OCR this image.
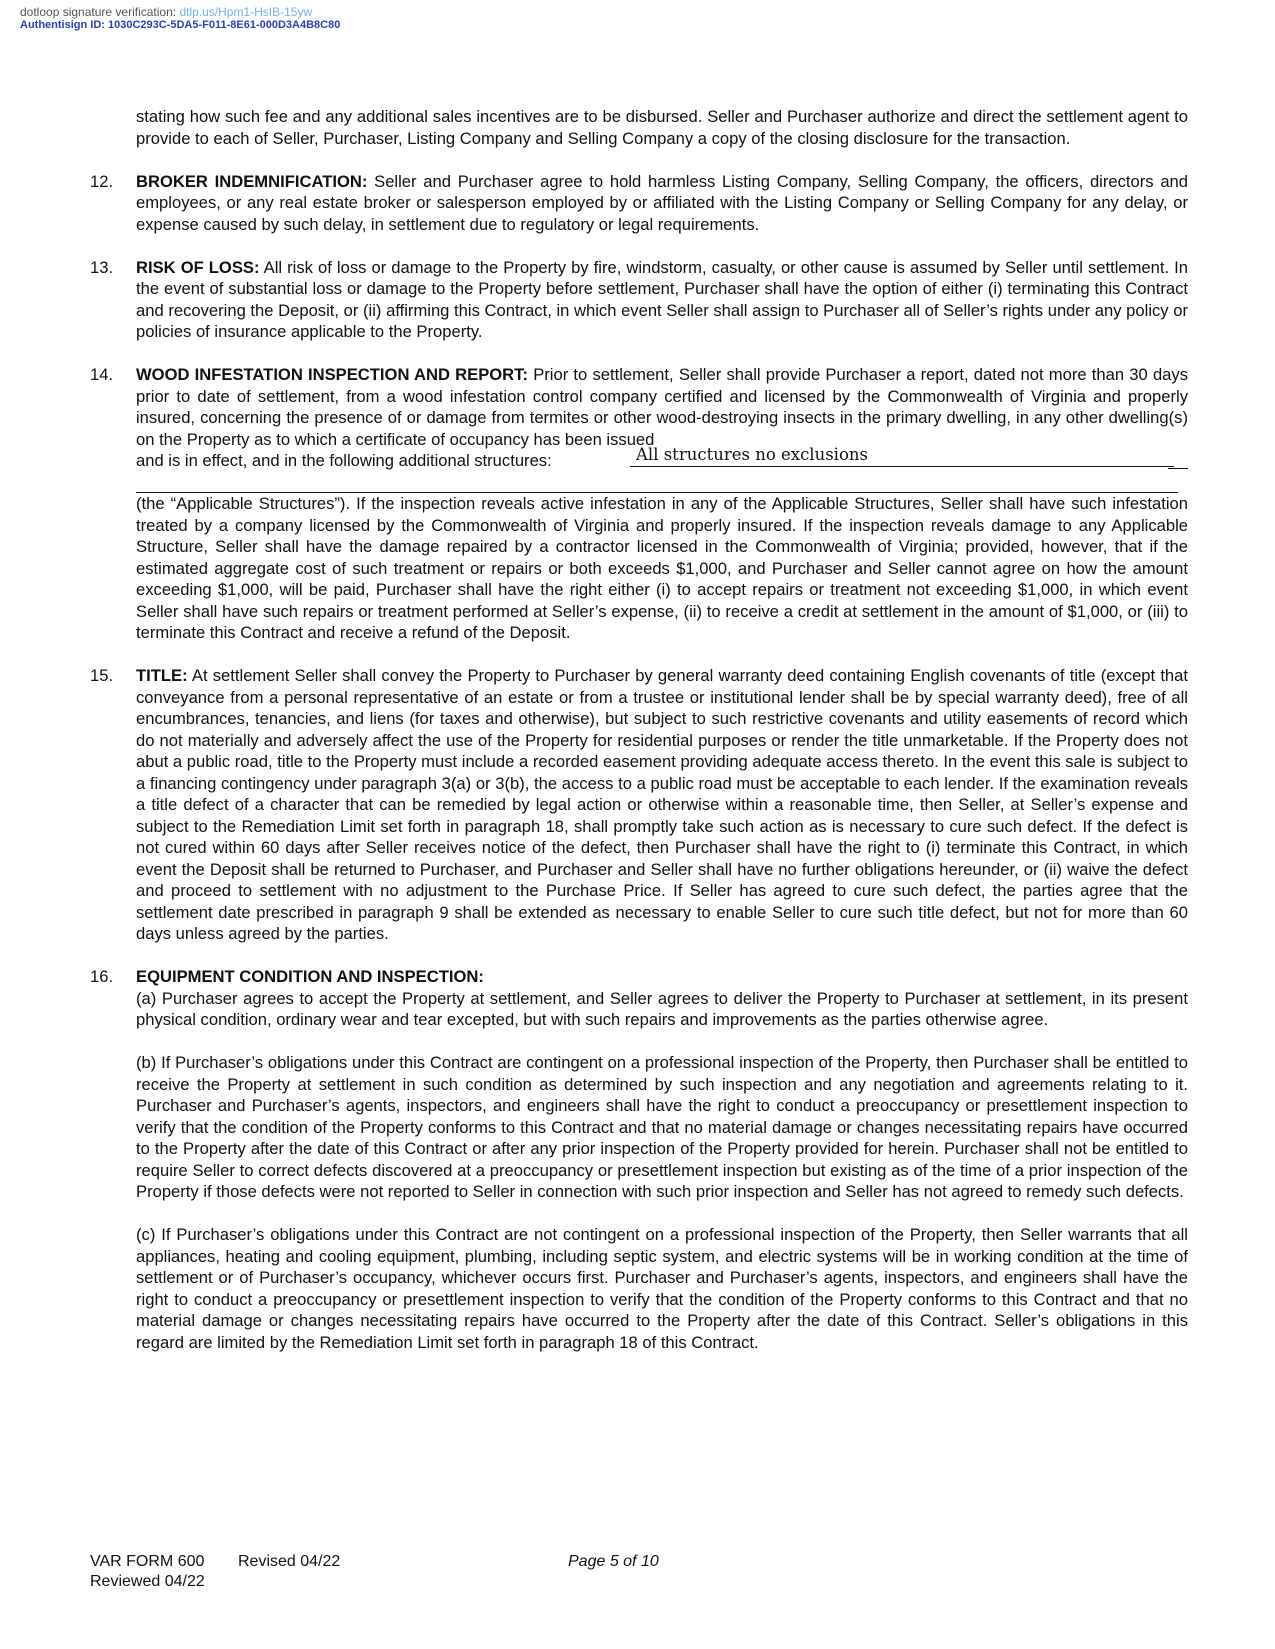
dotloop signature verification: dtlp.us/Hpm1-HsIB-15yw
Authentisign ID: 1030C293C-5DA5-F011-8E61-000D3A4B8C80
stating how such fee and any additional sales incentives are to be disbursed. Seller and Purchaser authorize and direct the settlement agent to provide to each of Seller, Purchaser, Listing Company and Selling Company a copy of the closing disclosure for the transaction.
12. BROKER INDEMNIFICATION: Seller and Purchaser agree to hold harmless Listing Company, Selling Company, the officers, directors and employees, or any real estate broker or salesperson employed by or affiliated with the Listing Company or Selling Company for any delay, or expense caused by such delay, in settlement due to regulatory or legal requirements.
13. RISK OF LOSS: All risk of loss or damage to the Property by fire, windstorm, casualty, or other cause is assumed by Seller until settlement. In the event of substantial loss or damage to the Property before settlement, Purchaser shall have the option of either (i) terminating this Contract and recovering the Deposit, or (ii) affirming this Contract, in which event Seller shall assign to Purchaser all of Seller’s rights under any policy or policies of insurance applicable to the Property.
14. WOOD INFESTATION INSPECTION AND REPORT: Prior to settlement, Seller shall provide Purchaser a report, dated not more than 30 days prior to date of settlement, from a wood infestation control company certified and licensed by the Commonwealth of Virginia and properly insured, concerning the presence of or damage from termites or other wood-destroying insects in the primary dwelling, in any other dwelling(s) on the Property as to which a certificate of occupancy has been issued
and is in effect, and in the following additional structures:	All structures no exclusions
(the “Applicable Structures”). If the inspection reveals active infestation in any of the Applicable Structures, Seller shall have such infestation treated by a company licensed by the Commonwealth of Virginia and properly insured. If the inspection reveals damage to any Applicable Structure, Seller shall have the damage repaired by a contractor licensed in the Commonwealth of Virginia; provided, however, that if the estimated aggregate cost of such treatment or repairs or both exceeds $1,000, and Purchaser and Seller cannot agree on how the amount exceeding $1,000, will be paid, Purchaser shall have the right either (i) to accept repairs or treatment not exceeding $1,000, in which event Seller shall have such repairs or treatment performed at Seller’s expense, (ii) to receive a credit at settlement in the amount of $1,000, or (iii) to terminate this Contract and receive a refund of the Deposit.
15. TITLE: At settlement Seller shall convey the Property to Purchaser by general warranty deed containing English covenants of title (except that conveyance from a personal representative of an estate or from a trustee or institutional lender shall be by special warranty deed), free of all encumbrances, tenancies, and liens (for taxes and otherwise), but subject to such restrictive covenants and utility easements of record which do not materially and adversely affect the use of the Property for residential purposes or render the title unmarketable. If the Property does not abut a public road, title to the Property must include a recorded easement providing adequate access thereto. In the event this sale is subject to a financing contingency under paragraph 3(a) or 3(b), the access to a public road must be acceptable to each lender. If the examination reveals a title defect of a character that can be remedied by legal action or otherwise within a reasonable time, then Seller, at Seller’s expense and subject to the Remediation Limit set forth in paragraph 18, shall promptly take such action as is necessary to cure such defect. If the defect is not cured within 60 days after Seller receives notice of the defect, then Purchaser shall have the right to (i) terminate this Contract, in which event the Deposit shall be returned to Purchaser, and Purchaser and Seller shall have no further obligations hereunder, or (ii) waive the defect and proceed to settlement with no adjustment to the Purchase Price. If Seller has agreed to cure such defect, the parties agree that the settlement date prescribed in paragraph 9 shall be extended as necessary to enable Seller to cure such title defect, but not for more than 60 days unless agreed by the parties.
16. EQUIPMENT CONDITION AND INSPECTION:
(a) Purchaser agrees to accept the Property at settlement, and Seller agrees to deliver the Property to Purchaser at settlement, in its present physical condition, ordinary wear and tear excepted, but with such repairs and improvements as the parties otherwise agree.
(b) If Purchaser’s obligations under this Contract are contingent on a professional inspection of the Property, then Purchaser shall be entitled to receive the Property at settlement in such condition as determined by such inspection and any negotiation and agreements relating to it. Purchaser and Purchaser’s agents, inspectors, and engineers shall have the right to conduct a preoccupancy or presettlement inspection to verify that the condition of the Property conforms to this Contract and that no material damage or changes necessitating repairs have occurred to the Property after the date of this Contract or after any prior inspection of the Property provided for herein. Purchaser shall not be entitled to require Seller to correct defects discovered at a preoccupancy or presettlement inspection but existing as of the time of a prior inspection of the Property if those defects were not reported to Seller in connection with such prior inspection and Seller has not agreed to remedy such defects.
(c) If Purchaser’s obligations under this Contract are not contingent on a professional inspection of the Property, then Seller warrants that all appliances, heating and cooling equipment, plumbing, including septic system, and electric systems will be in working condition at the time of settlement or of Purchaser’s occupancy, whichever occurs first. Purchaser and Purchaser’s agents, inspectors, and engineers shall have the right to conduct a preoccupancy or presettlement inspection to verify that the condition of the Property conforms to this Contract and that no material damage or changes necessitating repairs have occurred to the Property after the date of this Contract. Seller’s obligations in this regard are limited by the Remediation Limit set forth in paragraph 18 of this Contract.
VAR FORM 600 Revised 04/22	Page 5 of 10
Reviewed 04/22
